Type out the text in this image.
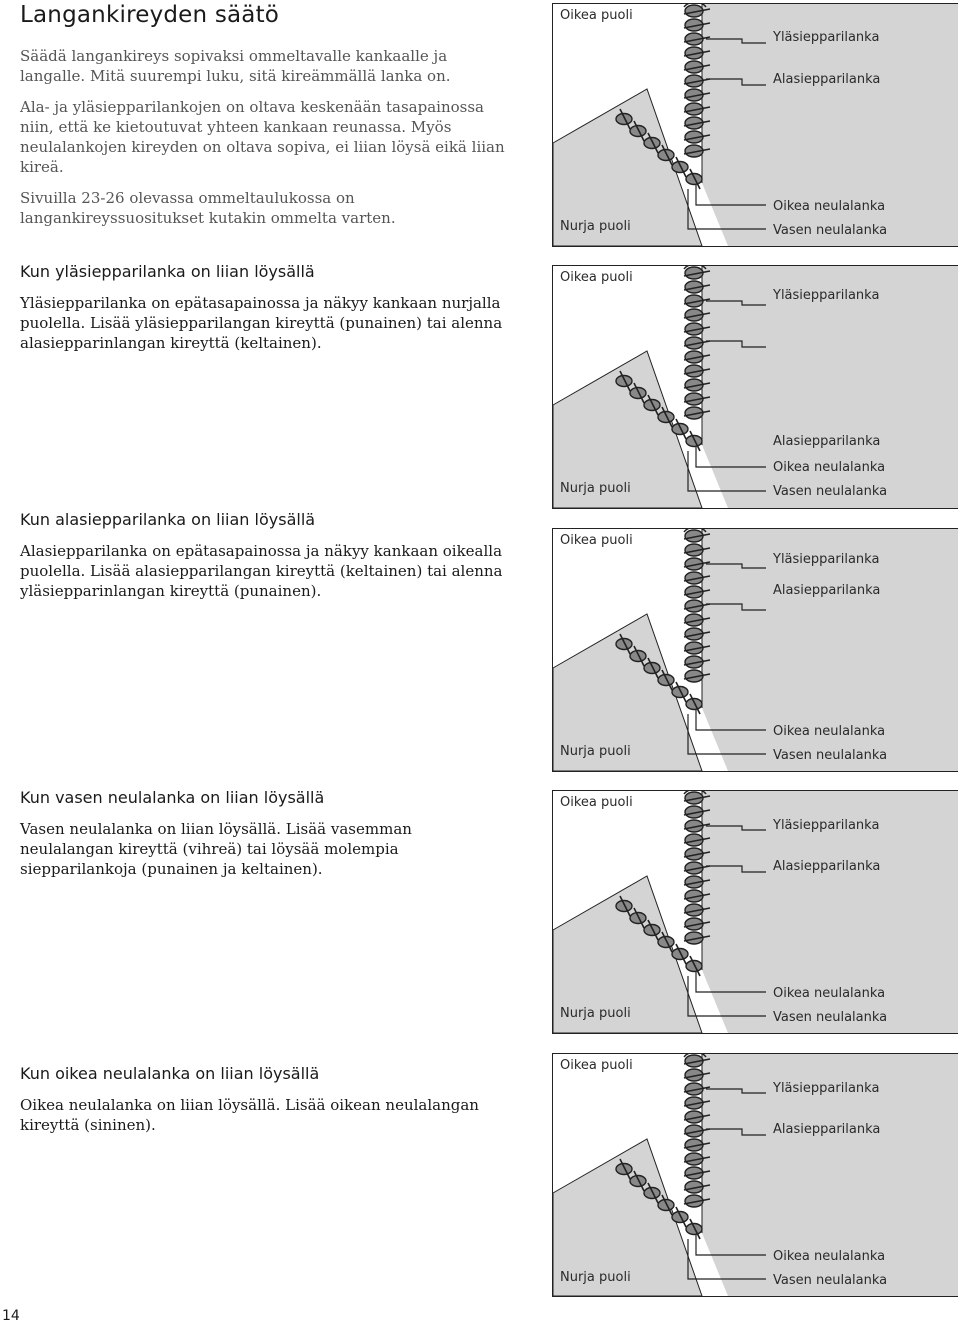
Langankireyden säätö

Säädä langankireys sopivaksi ommeltavalle kankaalle ja langalle. Mitä suurempi luku, sitä kireämmällä lanka on.

Ala- ja yläsiepparilankojen on oltava keskenään tasapainossa niin, että ke kietoutuvat yhteen kankaan reunassa. Myös neulalankojen kireyden on oltava sopiva, ei liian löysä eikä liian kireä.

Sivuilla 23-26 olevassa ommeltaulukossa on langankireyssuositukset kutakin ommelta varten.

Kun yläsiepparilanka on liian löysällä

Yläsiepparilanka on epätasapainossa ja näkyy kankaan nurjalla puolella. Lisää yläsiepparilangan kireyttä (punainen) tai alenna alasiepparinlangan kireyttä (keltainen).

Kun alasiepparilanka on liian löysällä

Alasiepparilanka on epätasapainossa ja näkyy kankaan oikealla puolella. Lisää alasiepparilangan kireyttä (keltainen) tai alenna yläsiepparinlangan kireyttä (punainen).

Kun vasen neulalanka on liian löysällä

Vasen neulalanka on liian löysällä. Lisää vasemman neulalangan kireyttä (vihreä) tai löysää molempia siepparilankoja (punainen ja keltainen).

Kun oikea neulalanka on liian löysällä

Oikea neulalanka on liian löysällä. Lisää oikean neulalangan kireyttä (sininen).

Oikea puoli
Nurja puoli
Yläsiepparilanka
Alasiepparilanka
Oikea neulalanka
Vasen neulalanka
Oikea puoli
Nurja puoli
Yläsiepparilanka
Alasiepparilanka
Oikea neulalanka
Vasen neulalanka
Oikea puoli
Nurja puoli
Yläsiepparilanka
Alasiepparilanka
Oikea neulalanka
Vasen neulalanka
Oikea puoli
Nurja puoli
Yläsiepparilanka
Alasiepparilanka
Oikea neulalanka
Vasen neulalanka
Oikea puoli
Nurja puoli
Yläsiepparilanka
Alasiepparilanka
Oikea neulalanka
Vasen neulalanka
14
